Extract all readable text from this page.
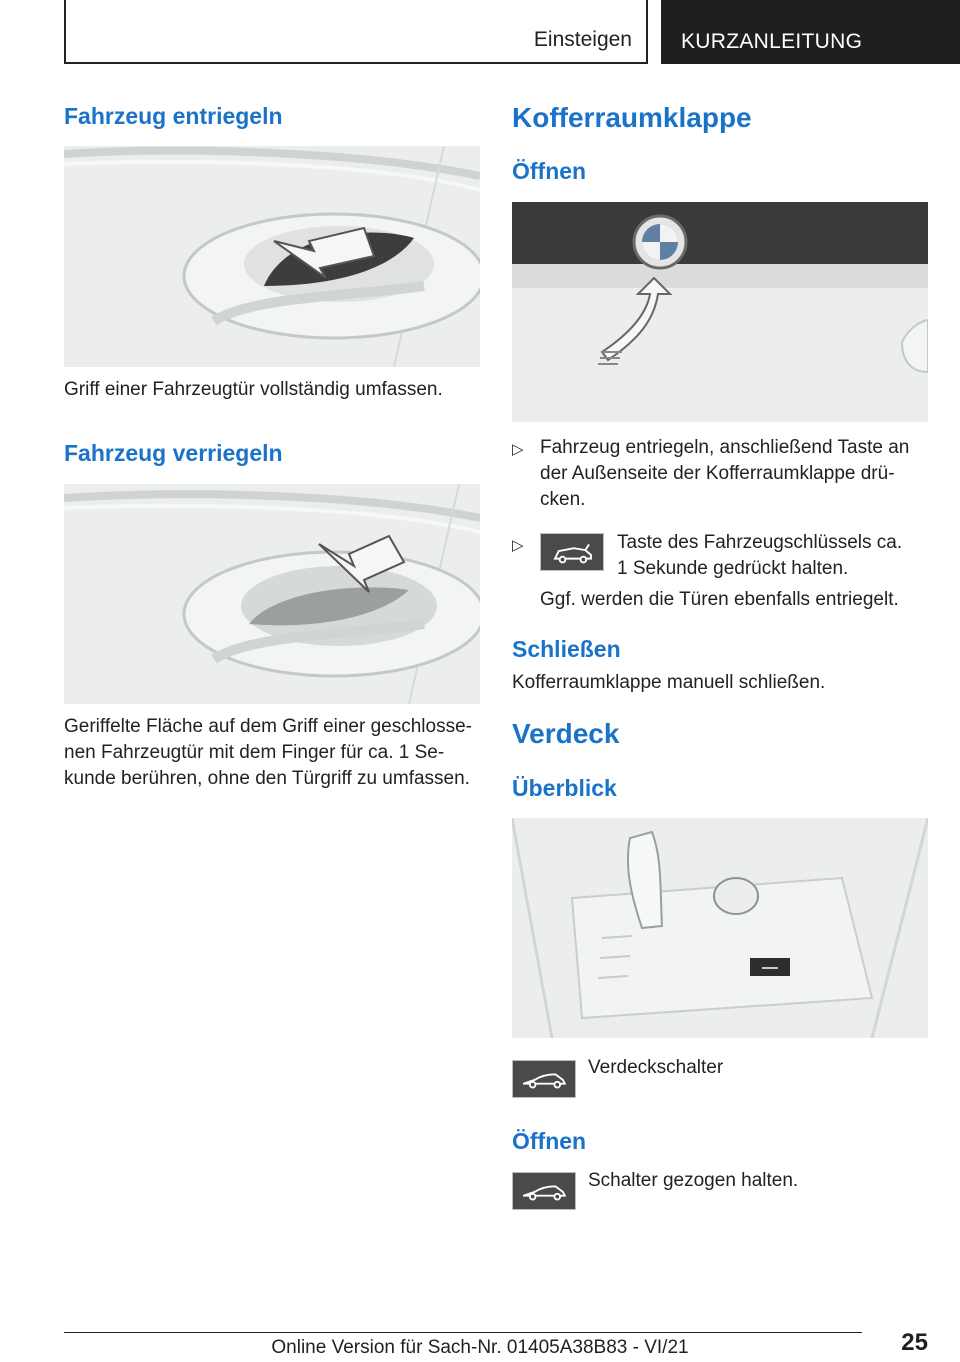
Einsteigen KURZANLEITUNG
Fahrzeug entriegeln

Griff einer Fahrzeugtür vollständig umfassen.

Fahrzeug verriegeln

Geriffelte Fläche auf dem Griff einer geschlosse-
nen Fahrzeugtür mit dem Finger für ca. 1 Se-
kunde berühren, ohne den Türgriff zu umfassen.

Kofferraumklappe
Öffnen
▷ Fahrzeug entriegeln, anschließend Taste an
der Außenseite der Kofferraumklappe drü-
cken.

▷	Taste des Fahrzeugschlüssels ca.
1 Sekunde gedrückt halten.

Ggf. werden die Türen ebenfalls entriegelt.

Schließen

Kofferraumklappe manuell schließen.

Verdeck
Überblick

Verdeckschalter

Öffnen

Schalter gezogen halten.

25
Online Version für Sach-Nr. 01405A38B83 - VI/21
